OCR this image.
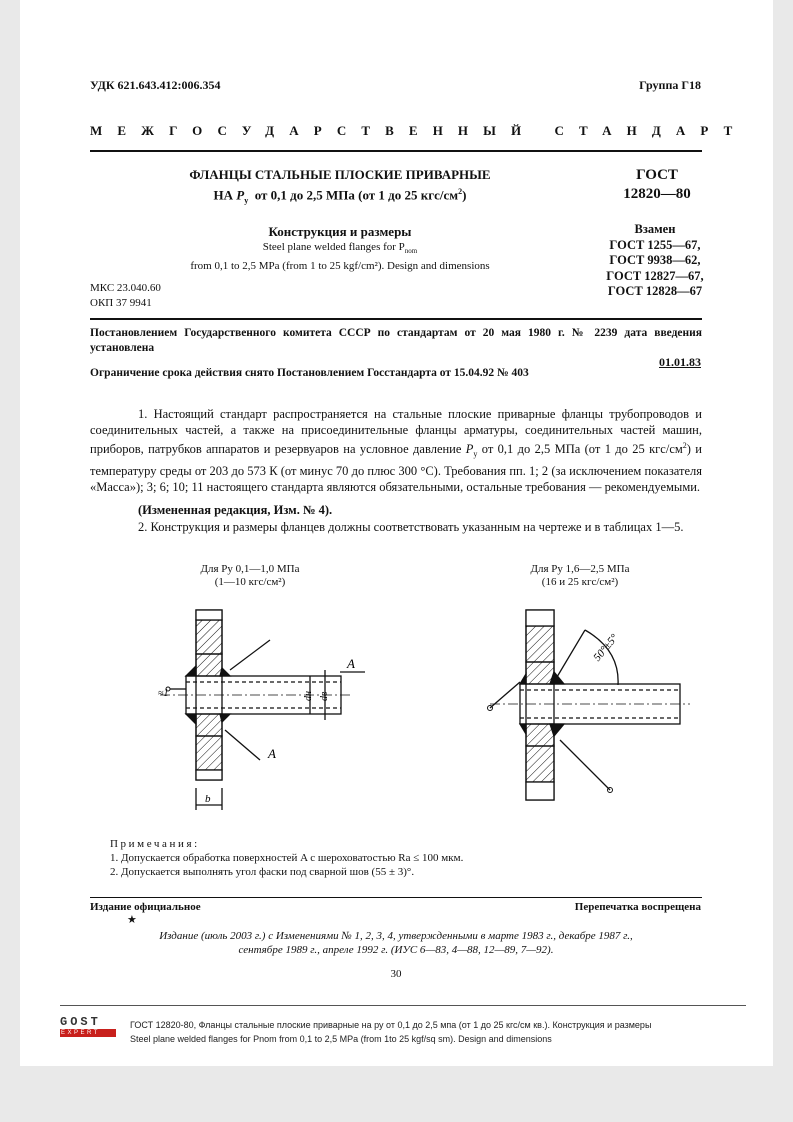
УДК 621.643.412:006.354	Группа Г18
МЕЖГОСУДАРСТВЕННЫЙ СТАНДАРТ
ФЛАНЦЫ СТАЛЬНЫЕ ПЛОСКИЕ ПРИВАРНЫЕ
НА $P_y$  от 0,1 до 2,5 МПа (от 1 до 25 кгс/$см^2$)
Конструкция и размеры
Steel plane welded flanges for $P_{nom}$
from 0,1 to 2,5 MPa (from 1 to 25 kgf/cm²). Design and dimensions
МКС 23.040.60
ОКП 37 9941
ГОСТ
12820—80
Взамен
ГОСТ 1255—67,
ГОСТ 9938—62,
ГОСТ 12827—67,
ГОСТ 12828—67
Постановлением Государственного комитета СССР по стандартам от 20 мая 1980 г. № 2239 дата введения установлена
01.01.83
Ограничение срока действия снято Постановлением Госстандарта от 15.04.92 № 403
1. Настоящий стандарт распространяется на стальные плоские приварные фланцы трубопроводов и соединительных частей, а также на присоединительные фланцы арматуры, соединительных частей машин, приборов, патрубков аппаратов и резервуаров на условное давление $P_y$ от 0,1 до 2,5 МПа (от 1 до 25 кгс/$см^2$) и температуру среды от 203 до 573 К (от минус 70 до плюс 300 °С). Требования пп. 1; 2 (за исключением показателя «Масса»); 3; 6; 10; 11 настоящего стандарта являются обязательными, остальные требования — рекомендуемыми.
(Измененная редакция, Изм. № 4).
2. Конструкция и размеры фланцев должны соответствовать указанным на чертеже и в таблицах 1—5.
Для Py 0,1—1,0 МПа
(1—10 кгс/см²)
Для Py 1,6—2,5 МПа
(16 и 25 кгс/см²)
A
A
dн dв
b
≈1
50°±5°
Примечания:
1. Допускается обработка поверхностей A с шероховатостью Ra ≤ 100 мкм.
2. Допускается выполнять угол фаски под сварной шов (55 ± 3)°.
Издание официальное	Перепечатка воспрещена
★
Издание (июль 2003 г.) с Изменениями № 1, 2, 3, 4, утвержденными в марте 1983 г., декабре 1987 г.,
сентябре 1989 г., апреле 1992 г. (ИУС 6—83, 4—88, 12—89, 7—92).
30
GOST
EXPERT
ГОСТ 12820-80, Фланцы стальные плоские приварные на ру от 0,1 до 2,5 мпа (от 1 до 25 кгс/см кв.). Конструкция и размеры
Steel plane welded flanges for Pnom from 0,1 to 2,5 MPa (from 1to 25 kgf/sq sm). Design and dimensions
